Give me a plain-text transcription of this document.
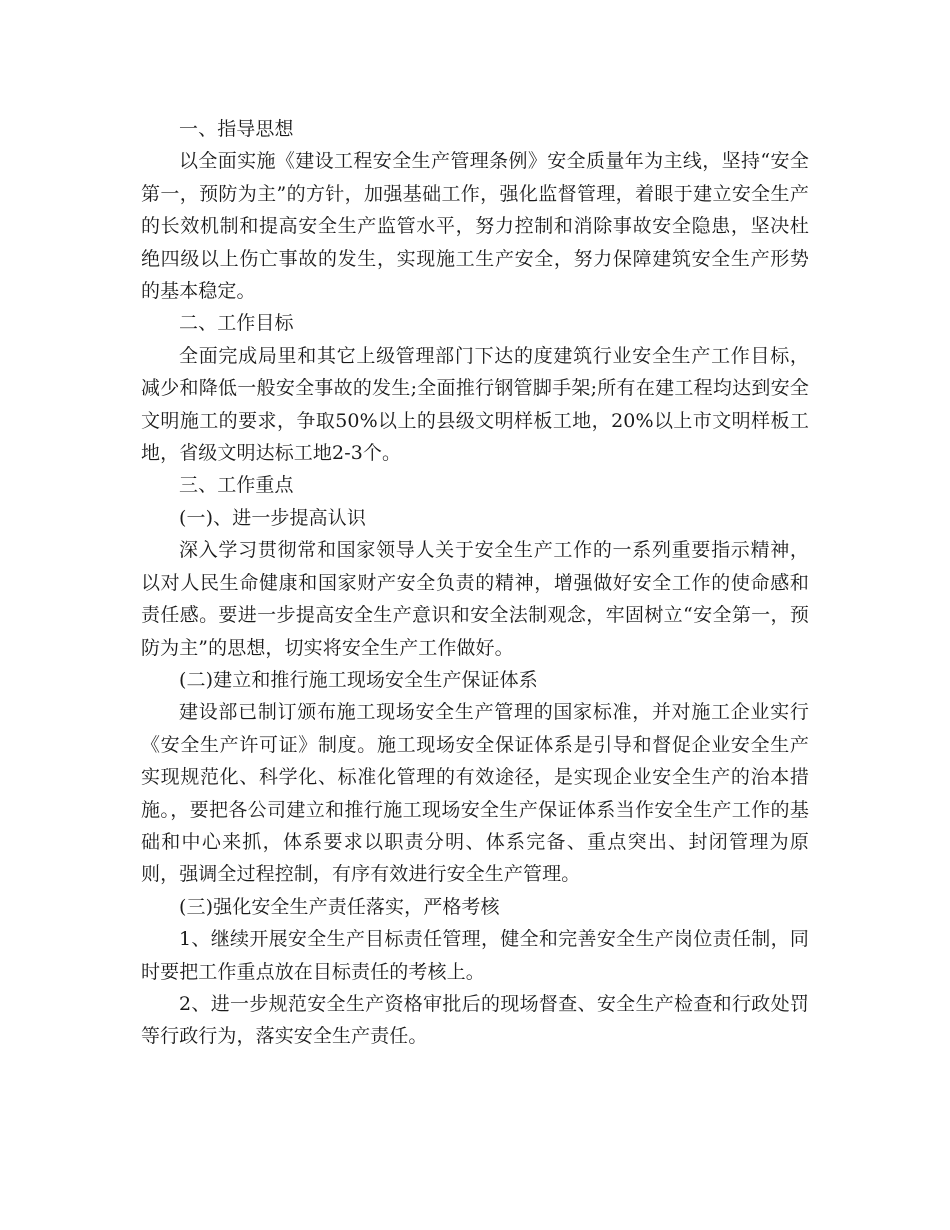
一、指导思想

以全面实施《建设工程安全生产管理条例》安全质量年为主线，坚持“安全第一，预防为主”的方针，加强基础工作，强化监督管理，着眼于建立安全生产的长效机制和提高安全生产监管水平，努力控制和消除事故安全隐患，坚决杜绝四级以上伤亡事故的发生，实现施工生产安全，努力保障建筑安全生产形势的基本稳定。

二、工作目标

全面完成局里和其它上级管理部门下达的度建筑行业安全生产工作目标，减少和降低一般安全事故的发生;全面推行钢管脚手架;所有在建工程均达到安全文明施工的要求，争取50%以上的县级文明样板工地，20%以上市文明样板工地，省级文明达标工地2-3个。

三、工作重点

(一)、进一步提高认识

深入学习贯彻常和国家领导人关于安全生产工作的一系列重要指示精神，以对人民生命健康和国家财产安全负责的精神，增强做好安全工作的使命感和责任感。要进一步提高安全生产意识和安全法制观念，牢固树立“安全第一，预防为主”的思想，切实将安全生产工作做好。

(二)建立和推行施工现场安全生产保证体系

建设部已制订颁布施工现场安全生产管理的国家标准，并对施工企业实行《安全生产许可证》制度。施工现场安全保证体系是引导和督促企业安全生产实现规范化、科学化、标准化管理的有效途径，是实现企业安全生产的治本措施。，要把各公司建立和推行施工现场安全生产保证体系当作安全生产工作的基础和中心来抓，体系要求以职责分明、体系完备、重点突出、封闭管理为原则，强调全过程控制，有序有效进行安全生产管理。

(三)强化安全生产责任落实，严格考核

1、继续开展安全生产目标责任管理，健全和完善安全生产岗位责任制，同时要把工作重点放在目标责任的考核上。

2、进一步规范安全生产资格审批后的现场督查、安全生产检查和行政处罚等行政行为，落实安全生产责任。
